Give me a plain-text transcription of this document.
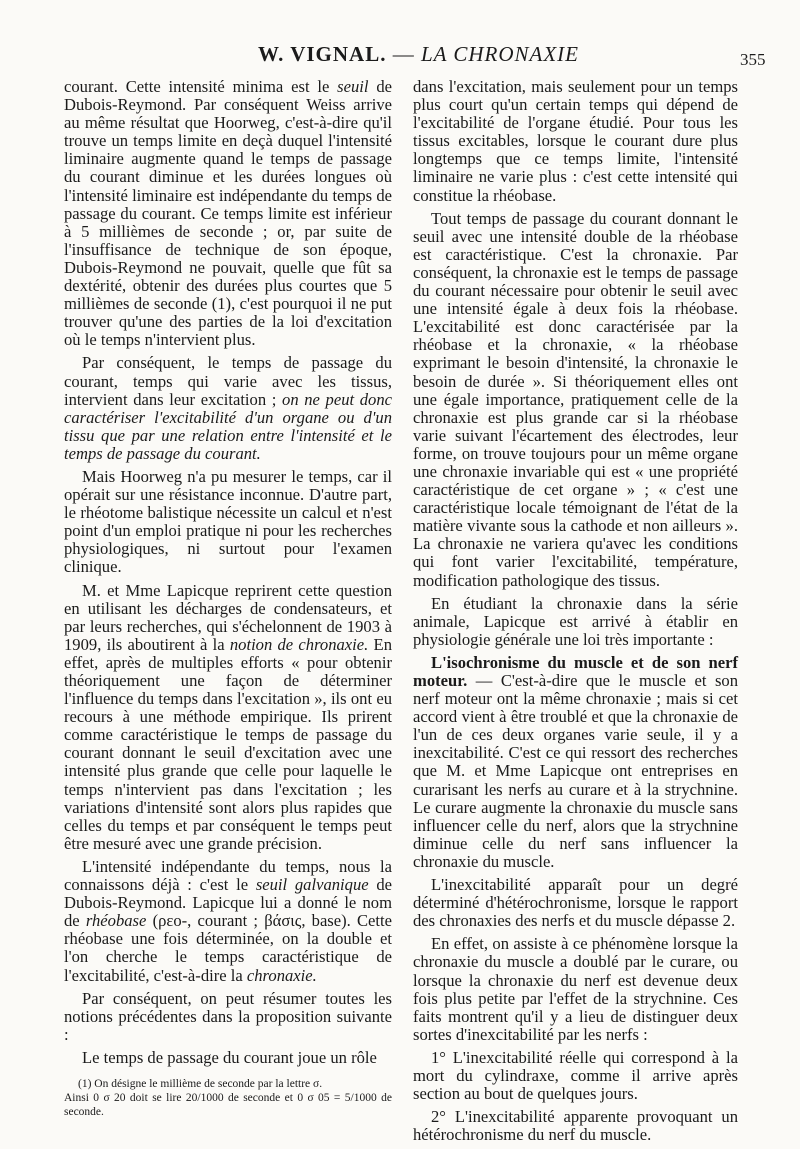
W. VIGNAL. — LA CHRONAXIE	355

courant. Cette intensité minima est le seuil de Dubois-Reymond. Par conséquent Weiss arrive au même résultat que Hoorweg, c'est-à-dire qu'il trouve un temps limite en deçà duquel l'intensité liminaire augmente quand le temps de passage du courant diminue et les durées longues où l'intensité liminaire est indépendante du temps de passage du courant. Ce temps limite est inférieur à 5 millièmes de seconde ; or, par suite de l'insuffisance de technique de son époque, Dubois-Reymond ne pouvait, quelle que fût sa dextérité, obtenir des durées plus courtes que 5 millièmes de seconde (1), c'est pourquoi il ne put trouver qu'une des parties de la loi d'excitation où le temps n'intervient plus.

Par conséquent, le temps de passage du courant, temps qui varie avec les tissus, intervient dans leur excitation ; on ne peut donc caractériser l'excitabilité d'un organe ou d'un tissu que par une relation entre l'intensité et le temps de passage du courant.

Mais Hoorweg n'a pu mesurer le temps, car il opérait sur une résistance inconnue. D'autre part, le rhéotome balistique nécessite un calcul et n'est point d'un emploi pratique ni pour les recherches physiologiques, ni surtout pour l'examen clinique.

M. et Mme Lapicque reprirent cette question en utilisant les décharges de condensateurs, et par leurs recherches, qui s'échelonnent de 1903 à 1909, ils aboutirent à la notion de chronaxie. En effet, après de multiples efforts « pour obtenir théoriquement une façon de déterminer l'influence du temps dans l'excitation », ils ont eu recours à une méthode empirique. Ils prirent comme caractéristique le temps de passage du courant donnant le seuil d'excitation avec une intensité plus grande que celle pour laquelle le temps n'intervient pas dans l'excitation ; les variations d'intensité sont alors plus rapides que celles du temps et par conséquent le temps peut être mesuré avec une grande précision.

L'intensité indépendante du temps, nous la connaissons déjà : c'est le seuil galvanique de Dubois-Reymond. Lapicque lui a donné le nom de rhéobase (ρεο-, courant ; βάσις, base). Cette rhéobase une fois déterminée, on la double et l'on cherche le temps caractéristique de l'excitabilité, c'est-à-dire la chronaxie.

Par conséquent, on peut résumer toutes les notions précédentes dans la proposition suivante :

Le temps de passage du courant joue un rôle

(1) On désigne le millième de seconde par la lettre σ.

Ainsi 0 σ 20 doit se lire 20/1000 de seconde et 0 σ 05 = 5/1000 de seconde.

dans l'excitation, mais seulement pour un temps plus court qu'un certain temps qui dépend de l'excitabilité de l'organe étudié. Pour tous les tissus excitables, lorsque le courant dure plus longtemps que ce temps limite, l'intensité liminaire ne varie plus : c'est cette intensité qui constitue la rhéobase.

Tout temps de passage du courant donnant le seuil avec une intensité double de la rhéobase est caractéristique. C'est la chronaxie. Par conséquent, la chronaxie est le temps de passage du courant nécessaire pour obtenir le seuil avec une intensité égale à deux fois la rhéobase. L'excitabilité est donc caractérisée par la rhéobase et la chronaxie, « la rhéobase exprimant le besoin d'intensité, la chronaxie le besoin de durée ». Si théoriquement elles ont une égale importance, pratiquement celle de la chronaxie est plus grande car si la rhéobase varie suivant l'écartement des électrodes, leur forme, on trouve toujours pour un même organe une chronaxie invariable qui est « une propriété caractéristique de cet organe » ; « c'est une caractéristique locale témoignant de l'état de la matière vivante sous la cathode et non ailleurs ». La chronaxie ne variera qu'avec les conditions qui font varier l'excitabilité, température, modification pathologique des tissus.

En étudiant la chronaxie dans la série animale, Lapicque est arrivé à établir en physiologie générale une loi très importante :

L'isochronisme du muscle et de son nerf moteur. — C'est-à-dire que le muscle et son nerf moteur ont la même chronaxie ; mais si cet accord vient à être troublé et que la chronaxie de l'un de ces deux organes varie seule, il y a inexcitabilité. C'est ce qui ressort des recherches que M. et Mme Lapicque ont entreprises en curarisant les nerfs au curare et à la strychnine. Le curare augmente la chronaxie du muscle sans influencer celle du nerf, alors que la strychnine diminue celle du nerf sans influencer la chronaxie du muscle.

L'inexcitabilité apparaît pour un degré déterminé d'hétérochronisme, lorsque le rapport des chronaxies des nerfs et du muscle dépasse 2.

En effet, on assiste à ce phénomène lorsque la chronaxie du muscle a doublé par le curare, ou lorsque la chronaxie du nerf est devenue deux fois plus petite par l'effet de la strychnine. Ces faits montrent qu'il y a lieu de distinguer deux sortes d'inexcitabilité par les nerfs :

1° L'inexcitabilité réelle qui correspond à la mort du cylindraxe, comme il arrive après section au bout de quelques jours.

2° L'inexcitabilité apparente provoquant un hétérochronisme du nerf du muscle.
